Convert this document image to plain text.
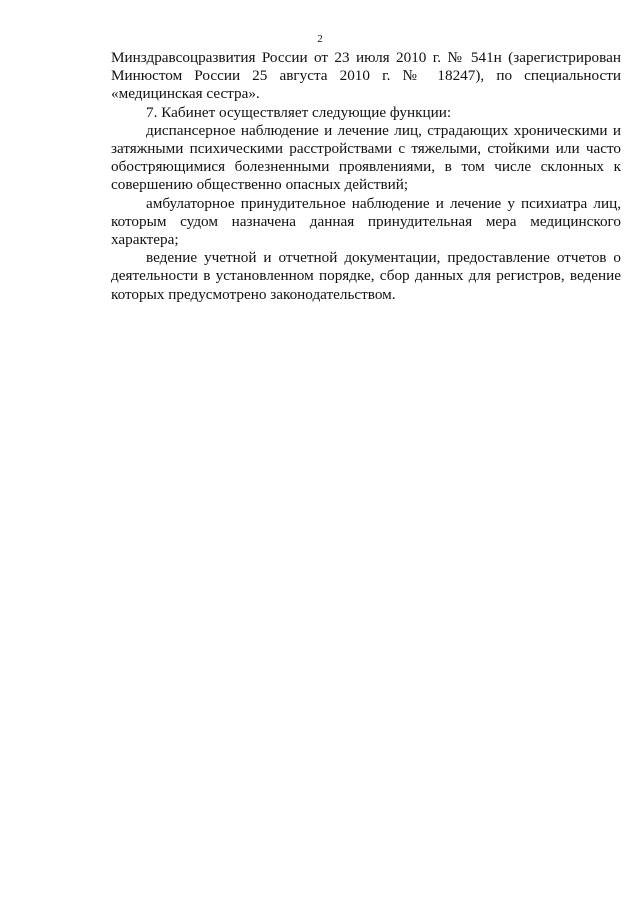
2

Минздравсоцразвития России от 23 июля 2010 г. № 541н (зарегистрирован Минюстом России 25 августа 2010 г. № 18247), по специальности «медицинская сестра».

7. Кабинет осуществляет следующие функции:

диспансерное наблюдение и лечение лиц, страдающих хроническими и затяжными психическими расстройствами с тяжелыми, стойкими или часто обостряющимися болезненными проявлениями, в том числе склонных к совершению общественно опасных действий;

амбулаторное принудительное наблюдение и лечение у психиатра лиц, которым судом назначена данная принудительная мера медицинского характера;

ведение учетной и отчетной документации, предоставление отчетов о деятельности в установленном порядке, сбор данных для регистров, ведение которых предусмотрено законодательством.
